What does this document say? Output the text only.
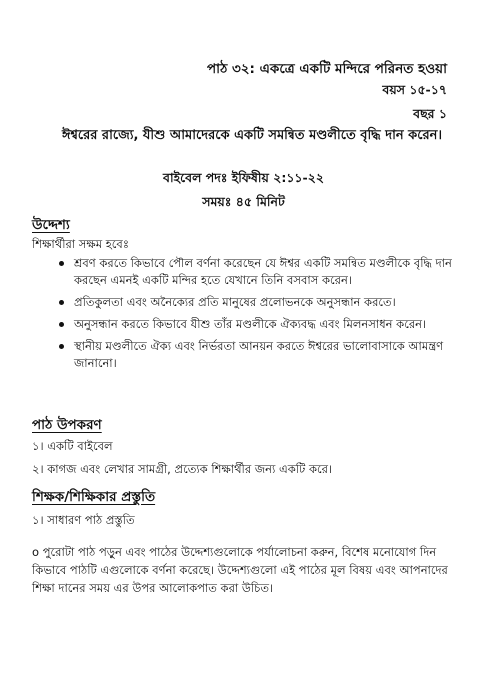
পাঠ ৩২: একত্রে একটি মন্দিরে পরিনত হওয়া
বয়স ১৫-১৭
বছর ১
ঈশ্বরের রাজ্যে, যীশু আমাদেরকে একটি সমন্বিত মণ্ডলীতে বৃদ্ধি দান করেন।
বাইবেল পদঃ ইফিষীয় ২:১১-২২
সময়ঃ ৪৫ মিনিট
উদ্দেশ্য
শিক্ষার্থীরা সক্ষম হবেঃ
শ্রবণ করতে কিভাবে পৌল বর্ণনা করেছেন যে ঈশ্বর একটি সমন্বিত মণ্ডলীকে বৃদ্ধি দান করছেন এমনই একটি মন্দির হতে যেখানে তিনি বসবাস করেন।
প্রতিকুলতা এবং অনৈক্যের প্রতি মানুষের প্রলোভনকে অনুসন্ধান করতে।
অনুসন্ধান করতে কিভাবে যীশু তাঁর মণ্ডলীকে ঐক্যবদ্ধ এবং মিলনসাধন করেন।
স্থানীয় মণ্ডলীতে ঐক্য এবং নির্ভরতা আনয়ন করতে ঈশ্বরের ভালোবাসাকে আমন্ত্রণ জানানো।
পাঠ উপকরণ
১। একটি বাইবেল
২। কাগজ এবং লেখার সামগ্রী, প্রত্যেক শিক্ষার্থীর জন্য একটি করে।
শিক্ষক/শিক্ষিকার প্রস্তুতি
১। সাধারণ পাঠ প্রস্তুতি
o পুরোটা পাঠ পড়ুন এবং পাঠের উদ্দেশ্যগুলোকে পর্যালোচনা করুন, বিশেষ মনোযোগ দিন কিভাবে পাঠটি এগুলোকে বর্ণনা করেছে। উদ্দেশ্যগুলো এই পাঠের মূল বিষয় এবং আপনাদের শিক্ষা দানের সময় এর উপর আলোকপাত করা উচিত।
